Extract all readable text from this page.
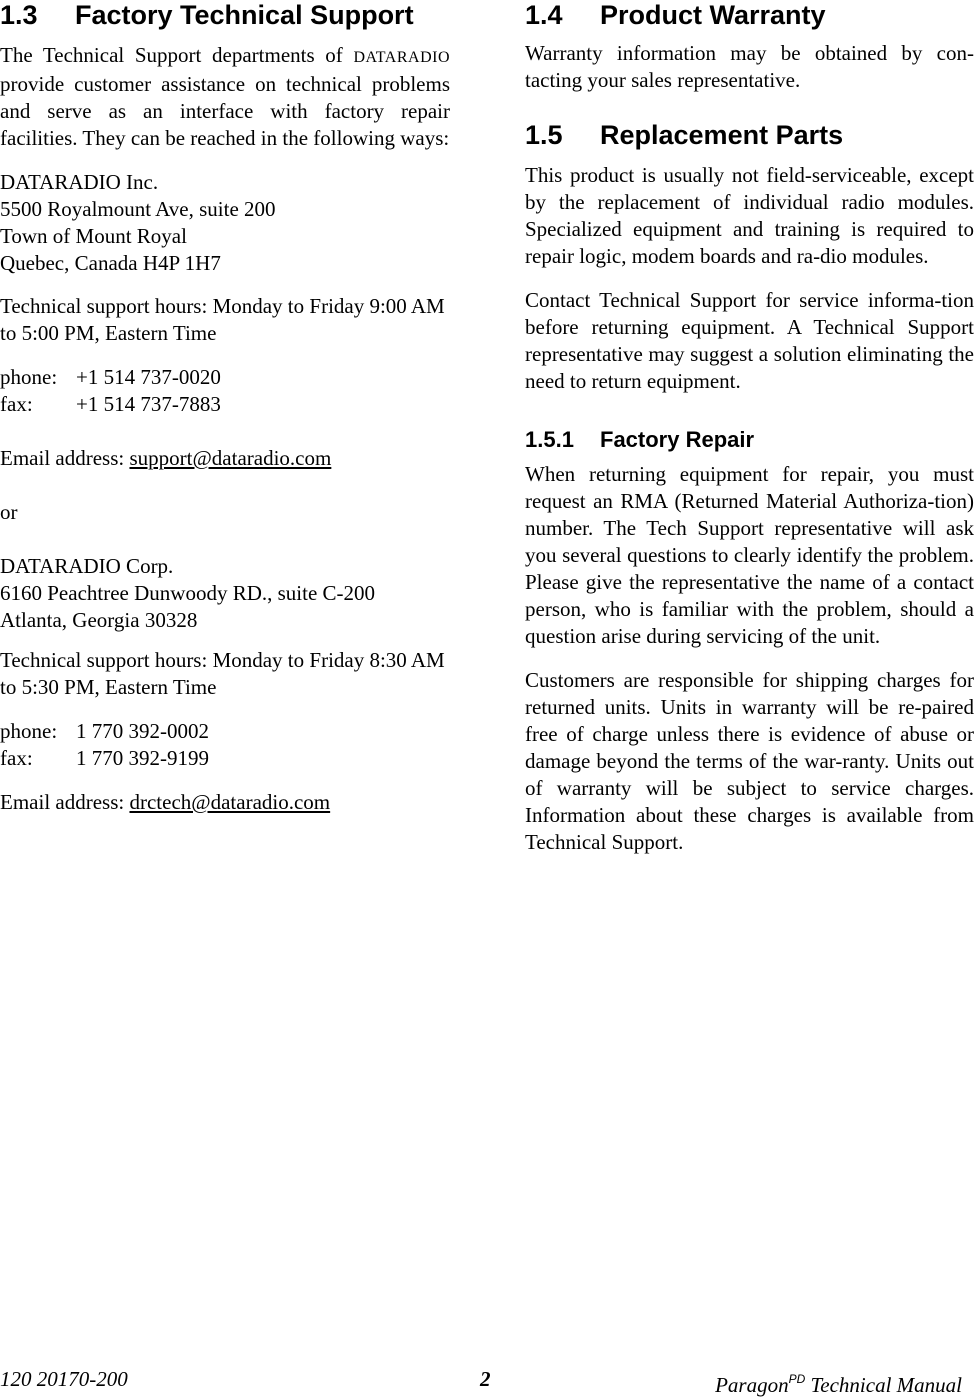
1.3 Factory Technical Support

The Technical Support departments of DATARADIO provide customer assistance on technical problems and serve as an interface with factory repair facilities. They can be reached in the following ways:

DATARADIO Inc.
5500 Royalmount Ave, suite 200
Town of Mount Royal
Quebec, Canada H4P 1H7

Technical support hours: Monday to Friday 9:00 AM to 5:00 PM, Eastern Time

phone: +1 514 737-0020

fax:	+1 514 737-7883

Email address: support@dataradio.com

or

DATARADIO Corp.
6160 Peachtree Dunwoody RD., suite C-200
Atlanta, Georgia 30328

Technical support hours: Monday to Friday 8:30 AM to 5:30 PM, Eastern Time

phone: 1 770 392-0002

fax:	1 770 392-9199

Email address: drctech@dataradio.com

1.4 Product Warranty

Warranty information may be obtained by con-tacting your sales representative.

1.5 Replacement Parts

This product is usually not field-serviceable, except by the replacement of individual radio modules. Specialized equipment and training is required to repair logic, modem boards and ra-dio modules.

Contact Technical Support for service informa-tion before returning equipment. A Technical Support representative may suggest a solution eliminating the need to return equipment.

1.5.1 Factory Repair

When returning equipment for repair, you must request an RMA (Returned Material Authoriza-tion) number. The Tech Support representative will ask you several questions to clearly identify the problem. Please give the representative the name of a contact person, who is familiar with the problem, should a question arise during servicing of the unit.

Customers are responsible for shipping charges for returned units. Units in warranty will be re-paired free of charge unless there is evidence of abuse or damage beyond the terms of the war-ranty. Units out of warranty will be subject to service charges. Information about these charges is available from Technical Support.

120 20170-200	2	Paragon$^{PD}$ Technical Manual
